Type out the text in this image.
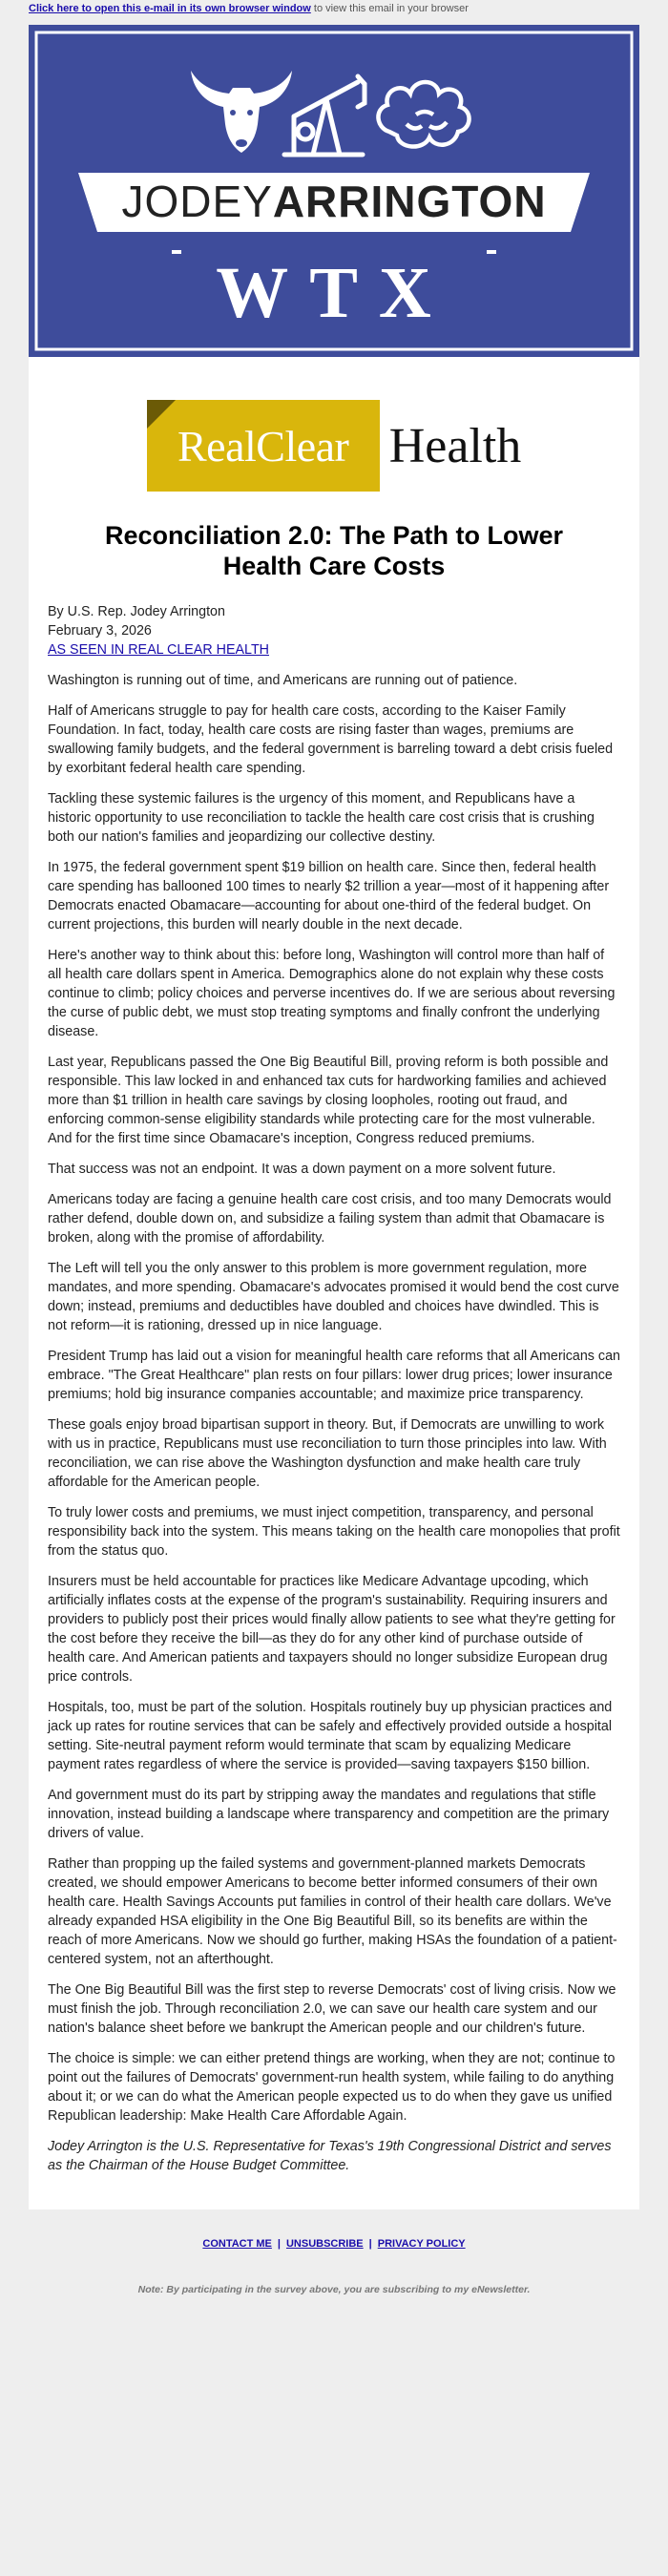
Click here to open this e-mail in its own browser window to view this email in your browser
JODEYARRINGTON
WTX
RealClear Health
Reconciliation 2.0: The Path to Lower Health Care Costs
By U.S. Rep. Jodey Arrington
February 3, 2026
AS SEEN IN REAL CLEAR HEALTH

Washington is running out of time, and Americans are running out of patience.

Half of Americans struggle to pay for health care costs, according to the Kaiser Family Foundation. In fact, today, health care costs are rising faster than wages, premiums are swallowing family budgets, and the federal government is barreling toward a debt crisis fueled by exorbitant federal health care spending.

Tackling these systemic failures is the urgency of this moment, and Republicans have a historic opportunity to use reconciliation to tackle the health care cost crisis that is crushing both our nation's families and jeopardizing our collective destiny.

In 1975, the federal government spent $19 billion on health care. Since then, federal health care spending has ballooned 100 times to nearly $2 trillion a year—most of it happening after Democrats enacted Obamacare—accounting for about one-third of the federal budget. On current projections, this burden will nearly double in the next decade.

Here's another way to think about this: before long, Washington will control more than half of all health care dollars spent in America. Demographics alone do not explain why these costs continue to climb; policy choices and perverse incentives do. If we are serious about reversing the curse of public debt, we must stop treating symptoms and finally confront the underlying disease.

Last year, Republicans passed the One Big Beautiful Bill, proving reform is both possible and responsible. This law locked in and enhanced tax cuts for hardworking families and achieved more than $1 trillion in health care savings by closing loopholes, rooting out fraud, and enforcing common-sense eligibility standards while protecting care for the most vulnerable. And for the first time since Obamacare's inception, Congress reduced premiums.

That success was not an endpoint. It was a down payment on a more solvent future.

Americans today are facing a genuine health care cost crisis, and too many Democrats would rather defend, double down on, and subsidize a failing system than admit that Obamacare is broken, along with the promise of affordability.

The Left will tell you the only answer to this problem is more government regulation, more mandates, and more spending. Obamacare's advocates promised it would bend the cost curve down; instead, premiums and deductibles have doubled and choices have dwindled. This is not reform—it is rationing, dressed up in nice language.

President Trump has laid out a vision for meaningful health care reforms that all Americans can embrace. "The Great Healthcare" plan rests on four pillars: lower drug prices; lower insurance premiums; hold big insurance companies accountable; and maximize price transparency.

These goals enjoy broad bipartisan support in theory. But, if Democrats are unwilling to work with us in practice, Republicans must use reconciliation to turn those principles into law. With reconciliation, we can rise above the Washington dysfunction and make health care truly affordable for the American people.

To truly lower costs and premiums, we must inject competition, transparency, and personal responsibility back into the system. This means taking on the health care monopolies that profit from the status quo.

Insurers must be held accountable for practices like Medicare Advantage upcoding, which artificially inflates costs at the expense of the program's sustainability. Requiring insurers and providers to publicly post their prices would finally allow patients to see what they're getting for the cost before they receive the bill—as they do for any other kind of purchase outside of health care. And American patients and taxpayers should no longer subsidize European drug price controls.

Hospitals, too, must be part of the solution. Hospitals routinely buy up physician practices and jack up rates for routine services that can be safely and effectively provided outside a hospital setting. Site-neutral payment reform would terminate that scam by equalizing Medicare payment rates regardless of where the service is provided—saving taxpayers $150 billion.

And government must do its part by stripping away the mandates and regulations that stifle innovation, instead building a landscape where transparency and competition are the primary drivers of value.

Rather than propping up the failed systems and government-planned markets Democrats created, we should empower Americans to become better informed consumers of their own health care. Health Savings Accounts put families in control of their health care dollars. We've already expanded HSA eligibility in the One Big Beautiful Bill, so its benefits are within the reach of more Americans. Now we should go further, making HSAs the foundation of a patient-centered system, not an afterthought.

The One Big Beautiful Bill was the first step to reverse Democrats' cost of living crisis. Now we must finish the job. Through reconciliation 2.0, we can save our health care system and our nation's balance sheet before we bankrupt the American people and our children's future.

The choice is simple: we can either pretend things are working, when they are not; continue to point out the failures of Democrats' government-run health system, while failing to do anything about it; or we can do what the American people expected us to do when they gave us unified Republican leadership: Make Health Care Affordable Again.

Jodey Arrington is the U.S. Representative for Texas's 19th Congressional District and serves as the Chairman of the House Budget Committee.

CONTACT ME | UNSUBSCRIBE | PRIVACY POLICY
Note: By participating in the survey above, you are subscribing to my eNewsletter.
